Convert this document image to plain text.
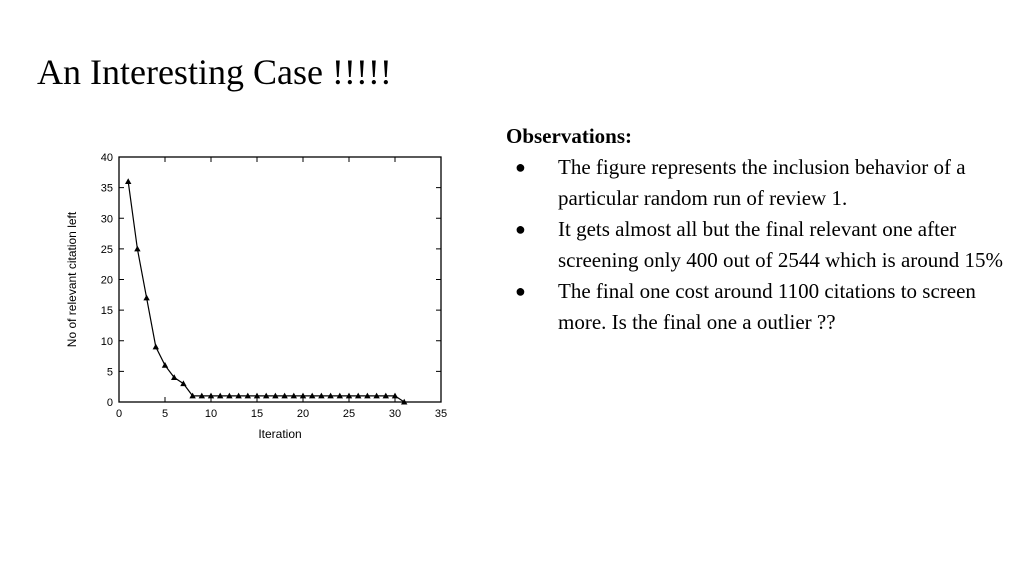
An Interesting Case !!!!!
0	5	10	15	20	25	30	35
0
5
10
15
20
25
30
35
40
Iteration
No of relevant citation left
Observations:
● The figure represents the inclusion behavior of a particular random run of review 1.
● It gets almost all but the final relevant one after screening only 400 out of 2544 which is around 15%
● The final one cost around 1100 citations to screen more. Is the final one a outlier ??
